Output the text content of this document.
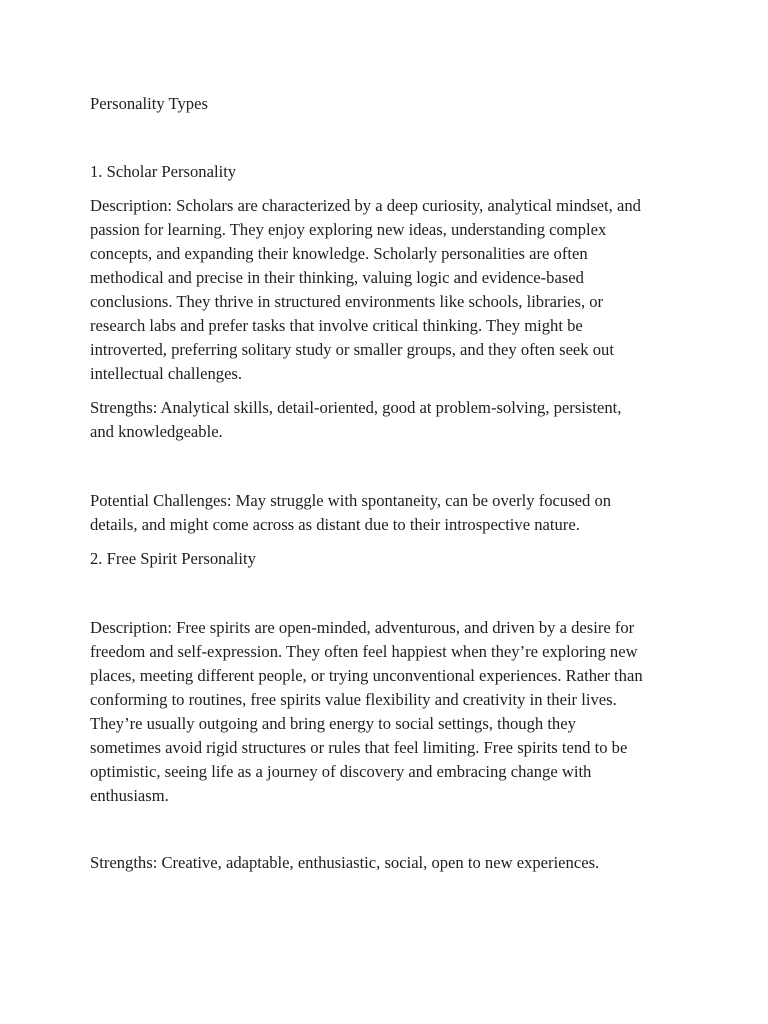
Personality Types

1. Scholar Personality

Description: Scholars are characterized by a deep curiosity, analytical mindset, and
passion for learning. They enjoy exploring new ideas, understanding complex
concepts, and expanding their knowledge. Scholarly personalities are often
methodical and precise in their thinking, valuing logic and evidence-based
conclusions. They thrive in structured environments like schools, libraries, or
research labs and prefer tasks that involve critical thinking. They might be
introverted, preferring solitary study or smaller groups, and they often seek out
intellectual challenges.

Strengths: Analytical skills, detail-oriented, good at problem-solving, persistent,
and knowledgeable.

Potential Challenges: May struggle with spontaneity, can be overly focused on
details, and might come across as distant due to their introspective nature.

2. Free Spirit Personality

Description: Free spirits are open-minded, adventurous, and driven by a desire for
freedom and self-expression. They often feel happiest when they’re exploring new
places, meeting different people, or trying unconventional experiences. Rather than
conforming to routines, free spirits value flexibility and creativity in their lives.
They’re usually outgoing and bring energy to social settings, though they
sometimes avoid rigid structures or rules that feel limiting. Free spirits tend to be
optimistic, seeing life as a journey of discovery and embracing change with
enthusiasm.

Strengths: Creative, adaptable, enthusiastic, social, open to new experiences.
